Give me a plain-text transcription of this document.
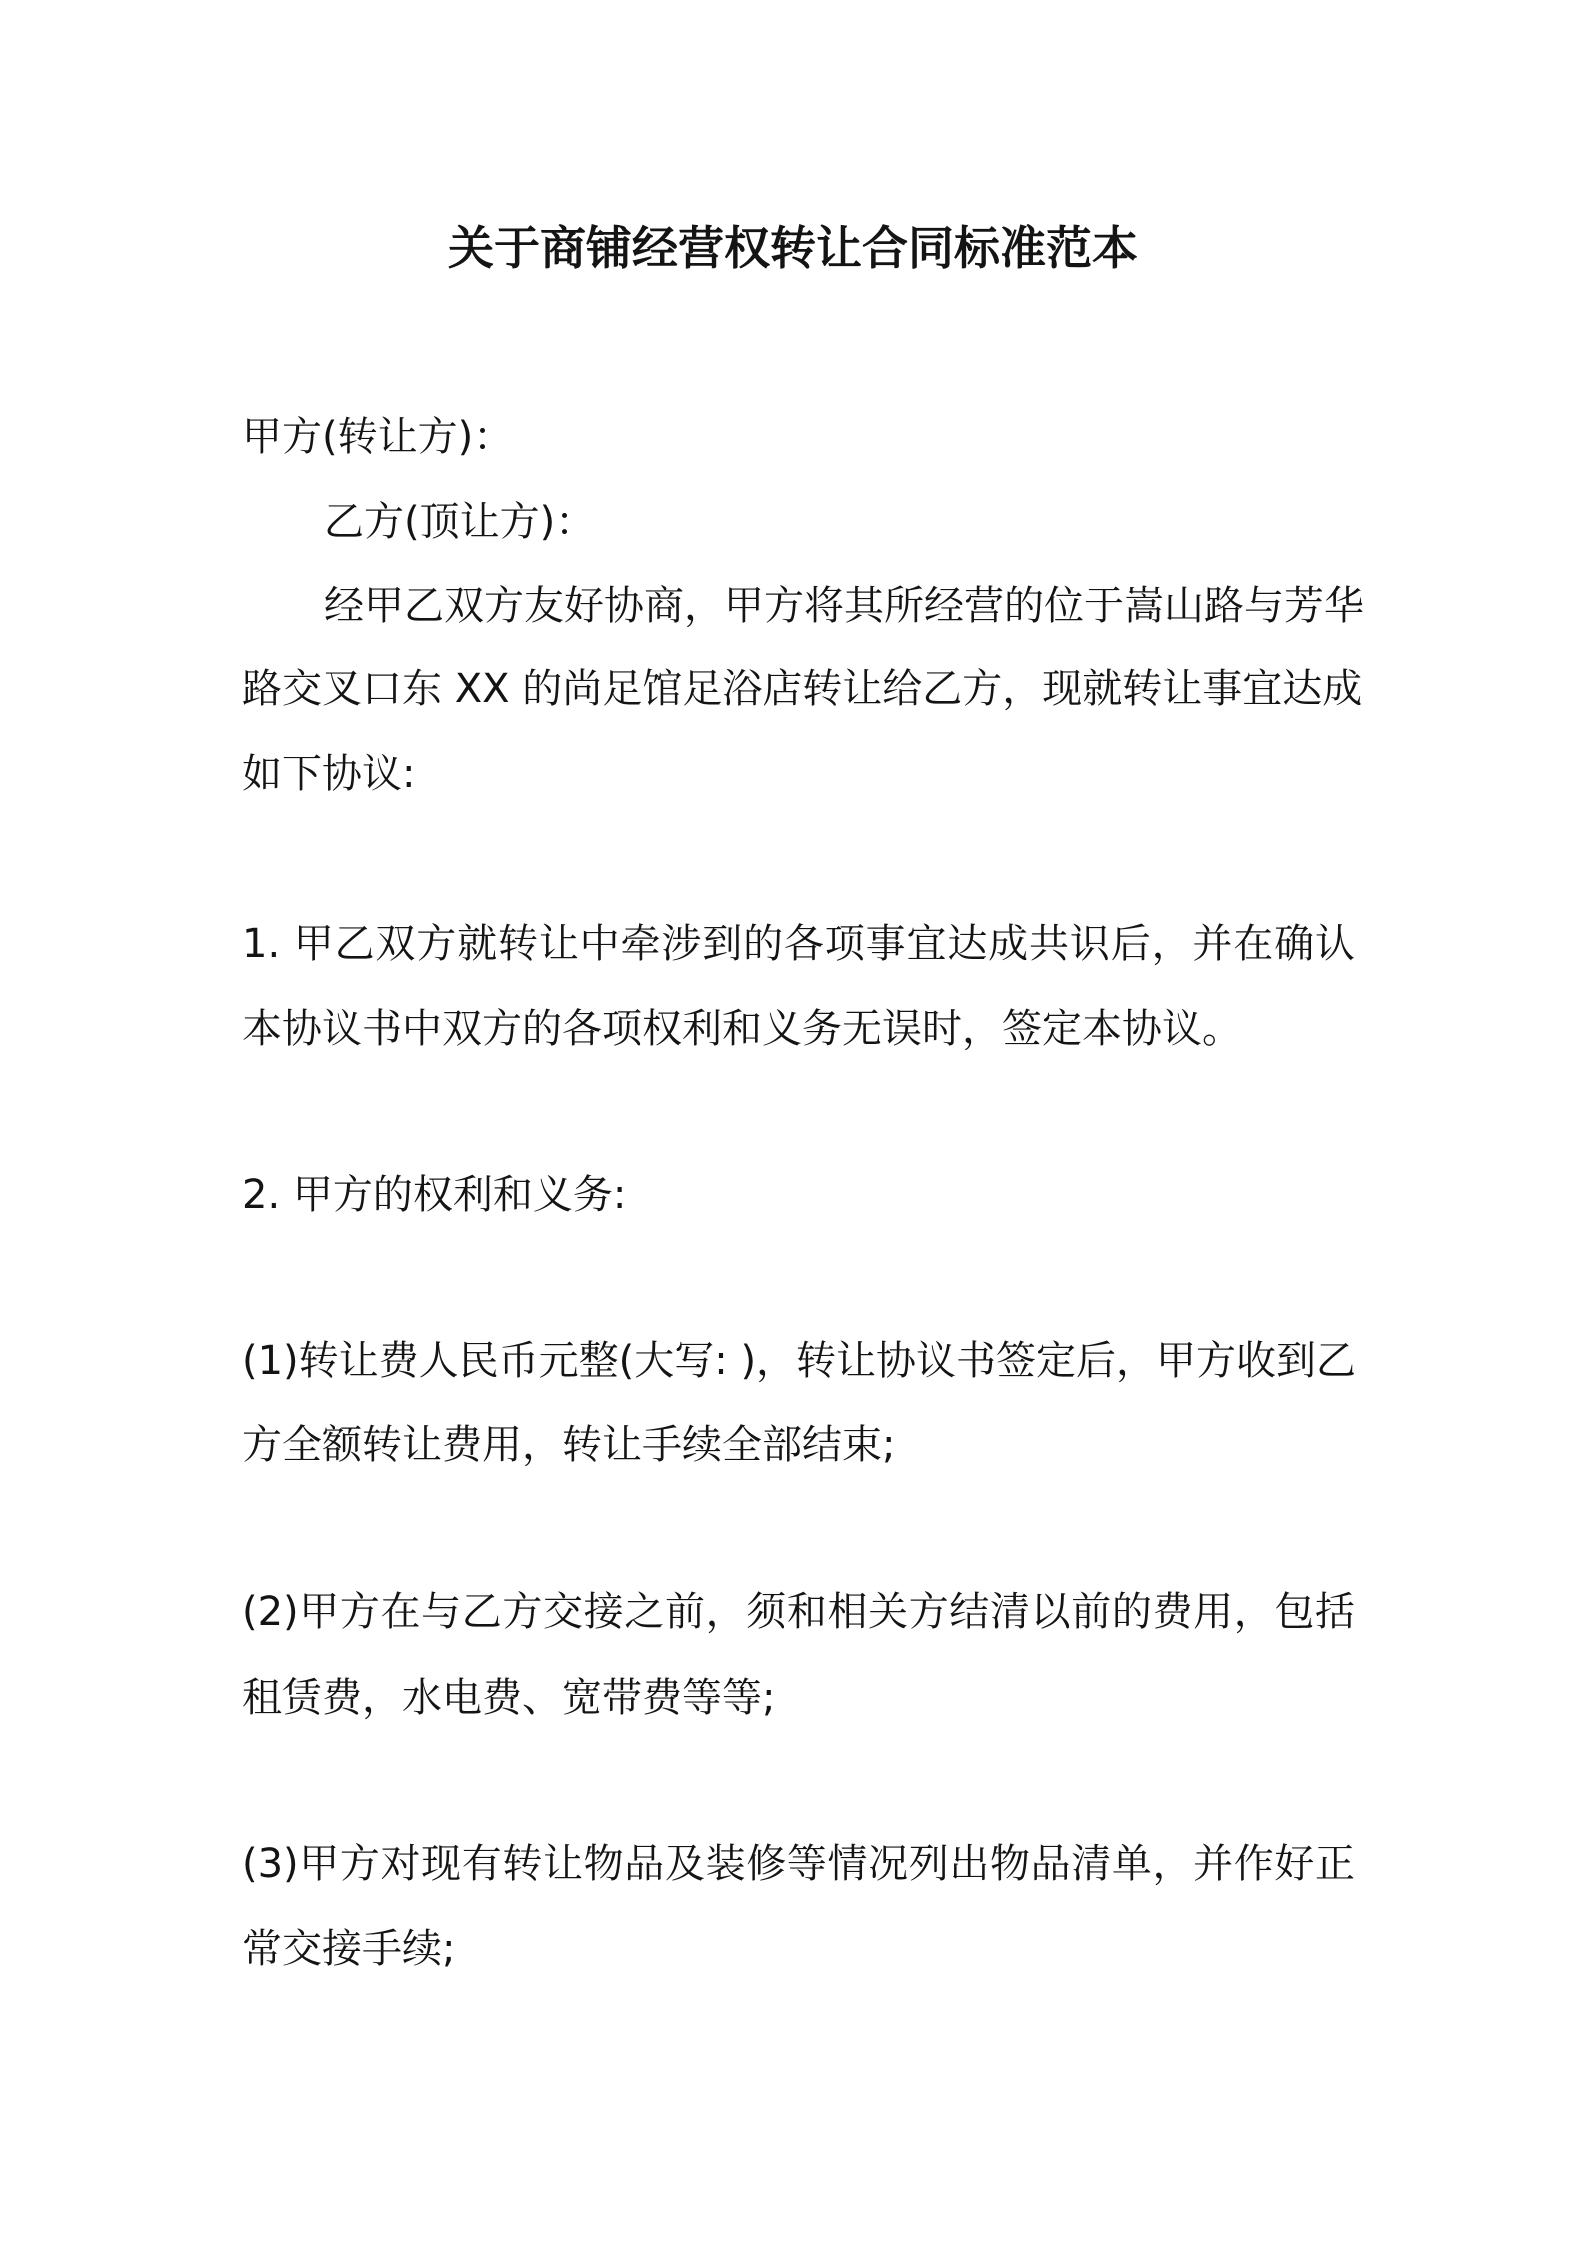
关于商铺经营权转让合同标准范本
甲方(转让方)：
乙方(顶让方)：
经甲乙双方友好协商，甲方将其所经营的位于嵩山路与芳华
路交叉口东 XX 的尚足馆足浴店转让给乙方，现就转让事宜达成
如下协议:
1. 甲乙双方就转让中牵涉到的各项事宜达成共识后，并在确认
本协议书中双方的各项权利和义务无误时，签定本协议。
2. 甲方的权利和义务:
(1)转让费人民币元整(大写: )，转让协议书签定后，甲方收到乙
方全额转让费用，转让手续全部结束;
(2)甲方在与乙方交接之前，须和相关方结清以前的费用，包括
租赁费，水电费、宽带费等等;
(3)甲方对现有转让物品及装修等情况列出物品清单，并作好正
常交接手续;
